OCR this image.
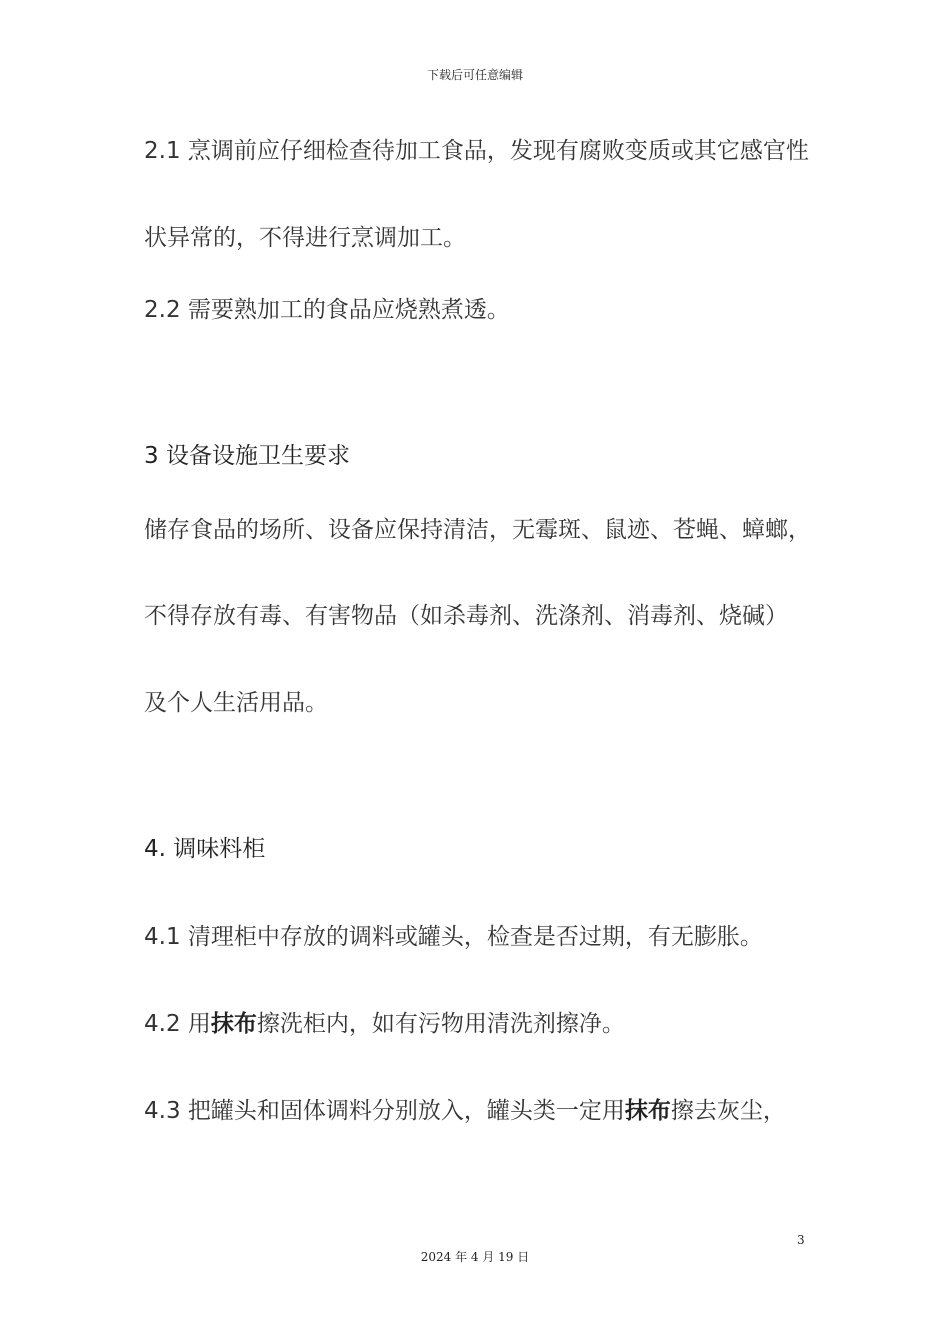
下载后可任意编辑
2.1 烹调前应仔细检查待加工食品，发现有腐败变质或其它感官性
状异常的，不得进行烹调加工。
2.2 需要熟加工的食品应烧熟煮透。
3 设备设施卫生要求
储存食品的场所、设备应保持清洁，无霉斑、鼠迹、苍蝇、蟑螂，
不得存放有毒、有害物品（如杀毒剂、洗涤剂、消毒剂、烧碱）
及个人生活用品。
4. 调味料柜
4.1 清理柜中存放的调料或罐头，检查是否过期，有无膨胀。
4.2 用抹布擦洗柜内，如有污物用清洗剂擦净。
4.3 把罐头和固体调料分别放入，罐头类一定用抹布擦去灰尘，
3
2024 年 4 月 19 日
